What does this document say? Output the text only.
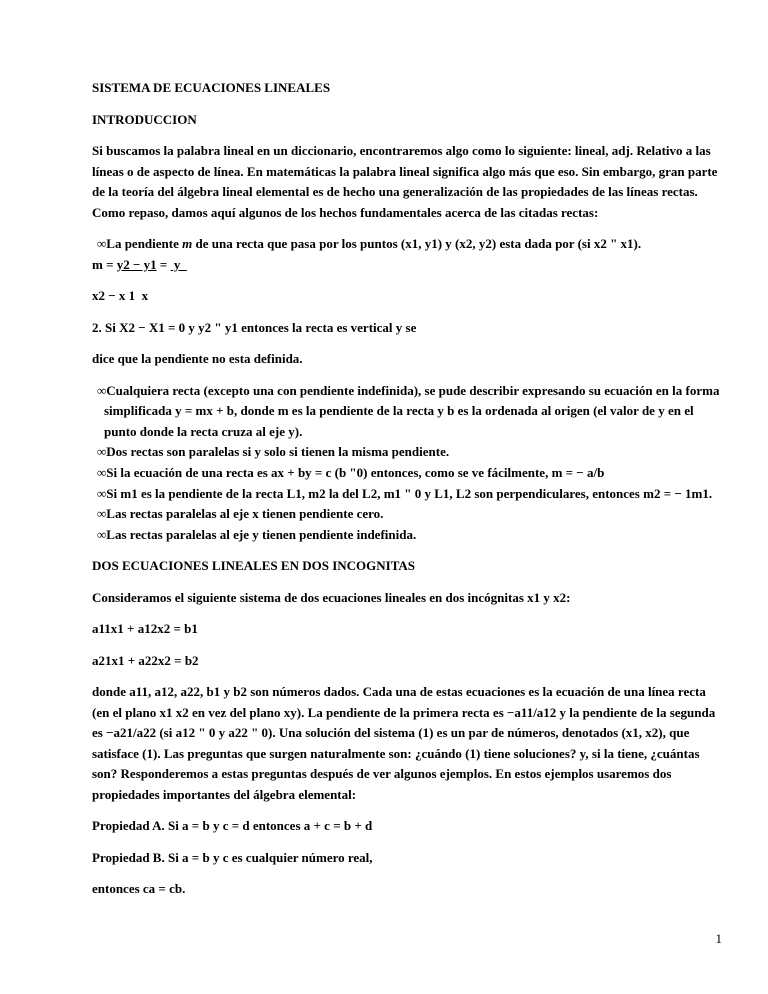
SISTEMA DE ECUACIONES LINEALES
INTRODUCCION

Si buscamos la palabra lineal en un diccionario, encontraremos algo como lo siguiente: lineal, adj. Relativo a las líneas o de aspecto de línea. En matemáticas la palabra lineal significa algo más que eso. Sin embargo, gran parte de la teoría del álgebra lineal elemental es de hecho una generalización de las propiedades de las líneas rectas. Como repaso, damos aquí algunos de los hechos fundamentales acerca de las citadas rectas:

∞La pendiente m de una recta que pasa por los puntos (x1, y1) y (x2, y2) esta dada por (si x2 " x1).

m = y2 − y1 =  y

x2 − x 1  x

2. Si X2 − X1 = 0 y y2 " y1 entonces la recta es vertical y se

dice que la pendiente no esta definida.

∞Cualquiera recta (excepto una con pendiente indefinida), se pude describir expresando su ecuación en la forma simplificada y = mx + b, donde m es la pendiente de la recta y b es la ordenada al origen (el valor de y en el punto donde la recta cruza al eje y).

∞Dos rectas son paralelas si y solo si tienen la misma pendiente.

∞Si la ecuación de una recta es ax + by = c (b "0) entonces, como se ve fácilmente, m = − a/b

∞Si m1 es la pendiente de la recta L1, m2 la del L2, m1 " 0 y L1, L2 son perpendiculares, entonces m2 = − 1m1.

∞Las rectas paralelas al eje x tienen pendiente cero.

∞Las rectas paralelas al eje y tienen pendiente indefinida.

DOS ECUACIONES LINEALES EN DOS INCOGNITAS

Consideramos el siguiente sistema de dos ecuaciones lineales en dos incógnitas x1 y x2:

a11x1 + a12x2 = b1

a21x1 + a22x2 = b2

donde a11, a12, a22, b1 y b2 son números dados. Cada una de estas ecuaciones es la ecuación de una línea recta (en el plano x1 x2 en vez del plano xy). La pendiente de la primera recta es −a11/a12 y la pendiente de la segunda es −a21/a22 (si a12 " 0 y a22 " 0). Una solución del sistema (1) es un par de números, denotados (x1, x2), que satisface (1). Las preguntas que surgen naturalmente son: ¿cuándo (1) tiene soluciones? y, si la tiene, ¿cuántas son? Responderemos a estas preguntas después de ver algunos ejemplos. En estos ejemplos usaremos dos propiedades importantes del álgebra elemental:

Propiedad A. Si a = b y c = d entonces a + c = b + d

Propiedad B. Si a = b y c es cualquier número real,

entonces ca = cb.

1
